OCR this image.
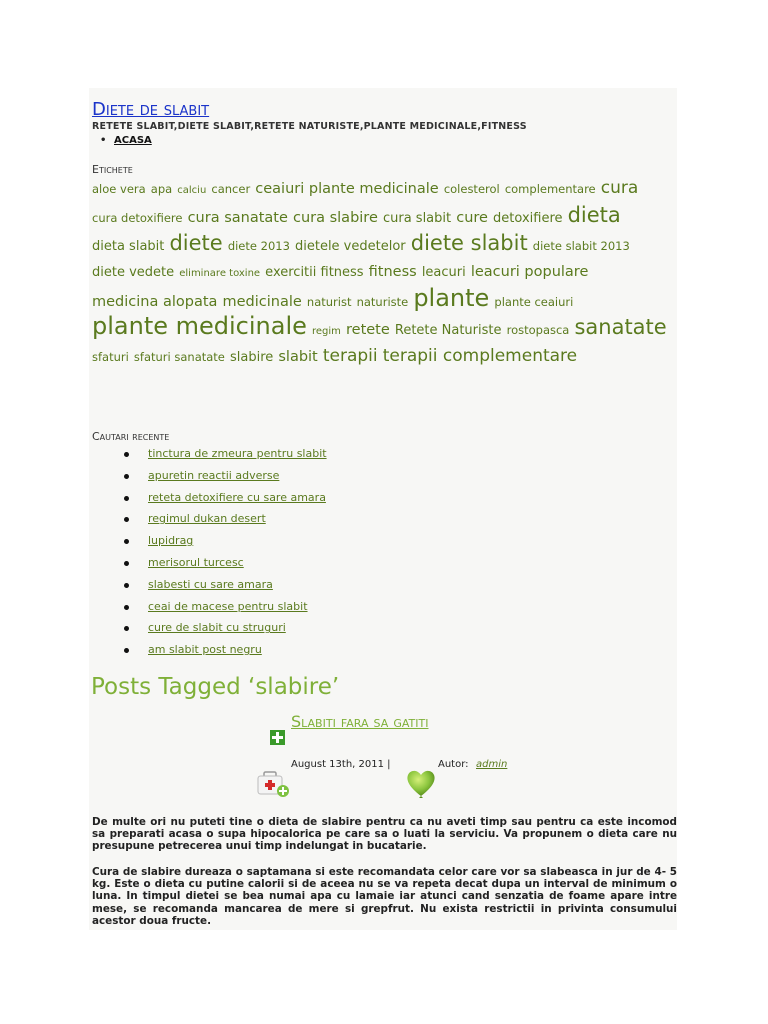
Diete de slabit
RETETE SLABIT,DIETE SLABIT,RETETE NATURISTE,PLANTE MEDICINALE,FITNESS
• ACASA
Etichete
aloe vera apa calciu cancer ceaiuri plante medicinale colesterol complementare cura cura detoxifiere cura sanatate cura slabire cura slabit cure detoxifiere dieta dieta slabit diete diete 2013 dietele vedetelor diete slabit diete slabit 2013 diete vedete eliminare toxine exercitii fitness fitness leacuri leacuri populare medicina alopata medicinale naturist naturiste plante plante ceaiuri plante medicinale regim retete Retete Naturiste rostopasca sanatate sfaturi sfaturi sanatate slabire slabit terapii terapii complementare
Cautari recente
tinctura de zmeura pentru slabit
apuretin reactii adverse
reteta detoxifiere cu sare amara
regimul dukan desert
lupidrag
merisorul turcesc
slabesti cu sare amara
ceai de macese pentru slabit
cure de slabit cu struguri
am slabit post negru
Posts Tagged ‘slabire’
Slabiti fara sa gatiti
August 13th, 2011 |	Autor: admin
De multe ori nu puteti tine o dieta de slabire pentru ca nu aveti timp sau pentru ca este incomod sa preparati acasa o supa hipocalorica pe care sa o luati la serviciu. Va propunem o dieta care nu presupune petrecerea unui timp indelungat in bucatarie.
Cura de slabire dureaza o saptamana si este recomandata celor care vor sa slabeasca in jur de 4- 5 kg. Este o dieta cu putine calorii si de aceea nu se va repeta decat dupa un interval de minimum o luna. In timpul dietei se bea numai apa cu lamaie iar atunci cand senzatia de foame apare intre mese, se recomanda mancarea de mere si grepfrut. Nu exista restrictii in privinta consumului acestor doua fructe.
